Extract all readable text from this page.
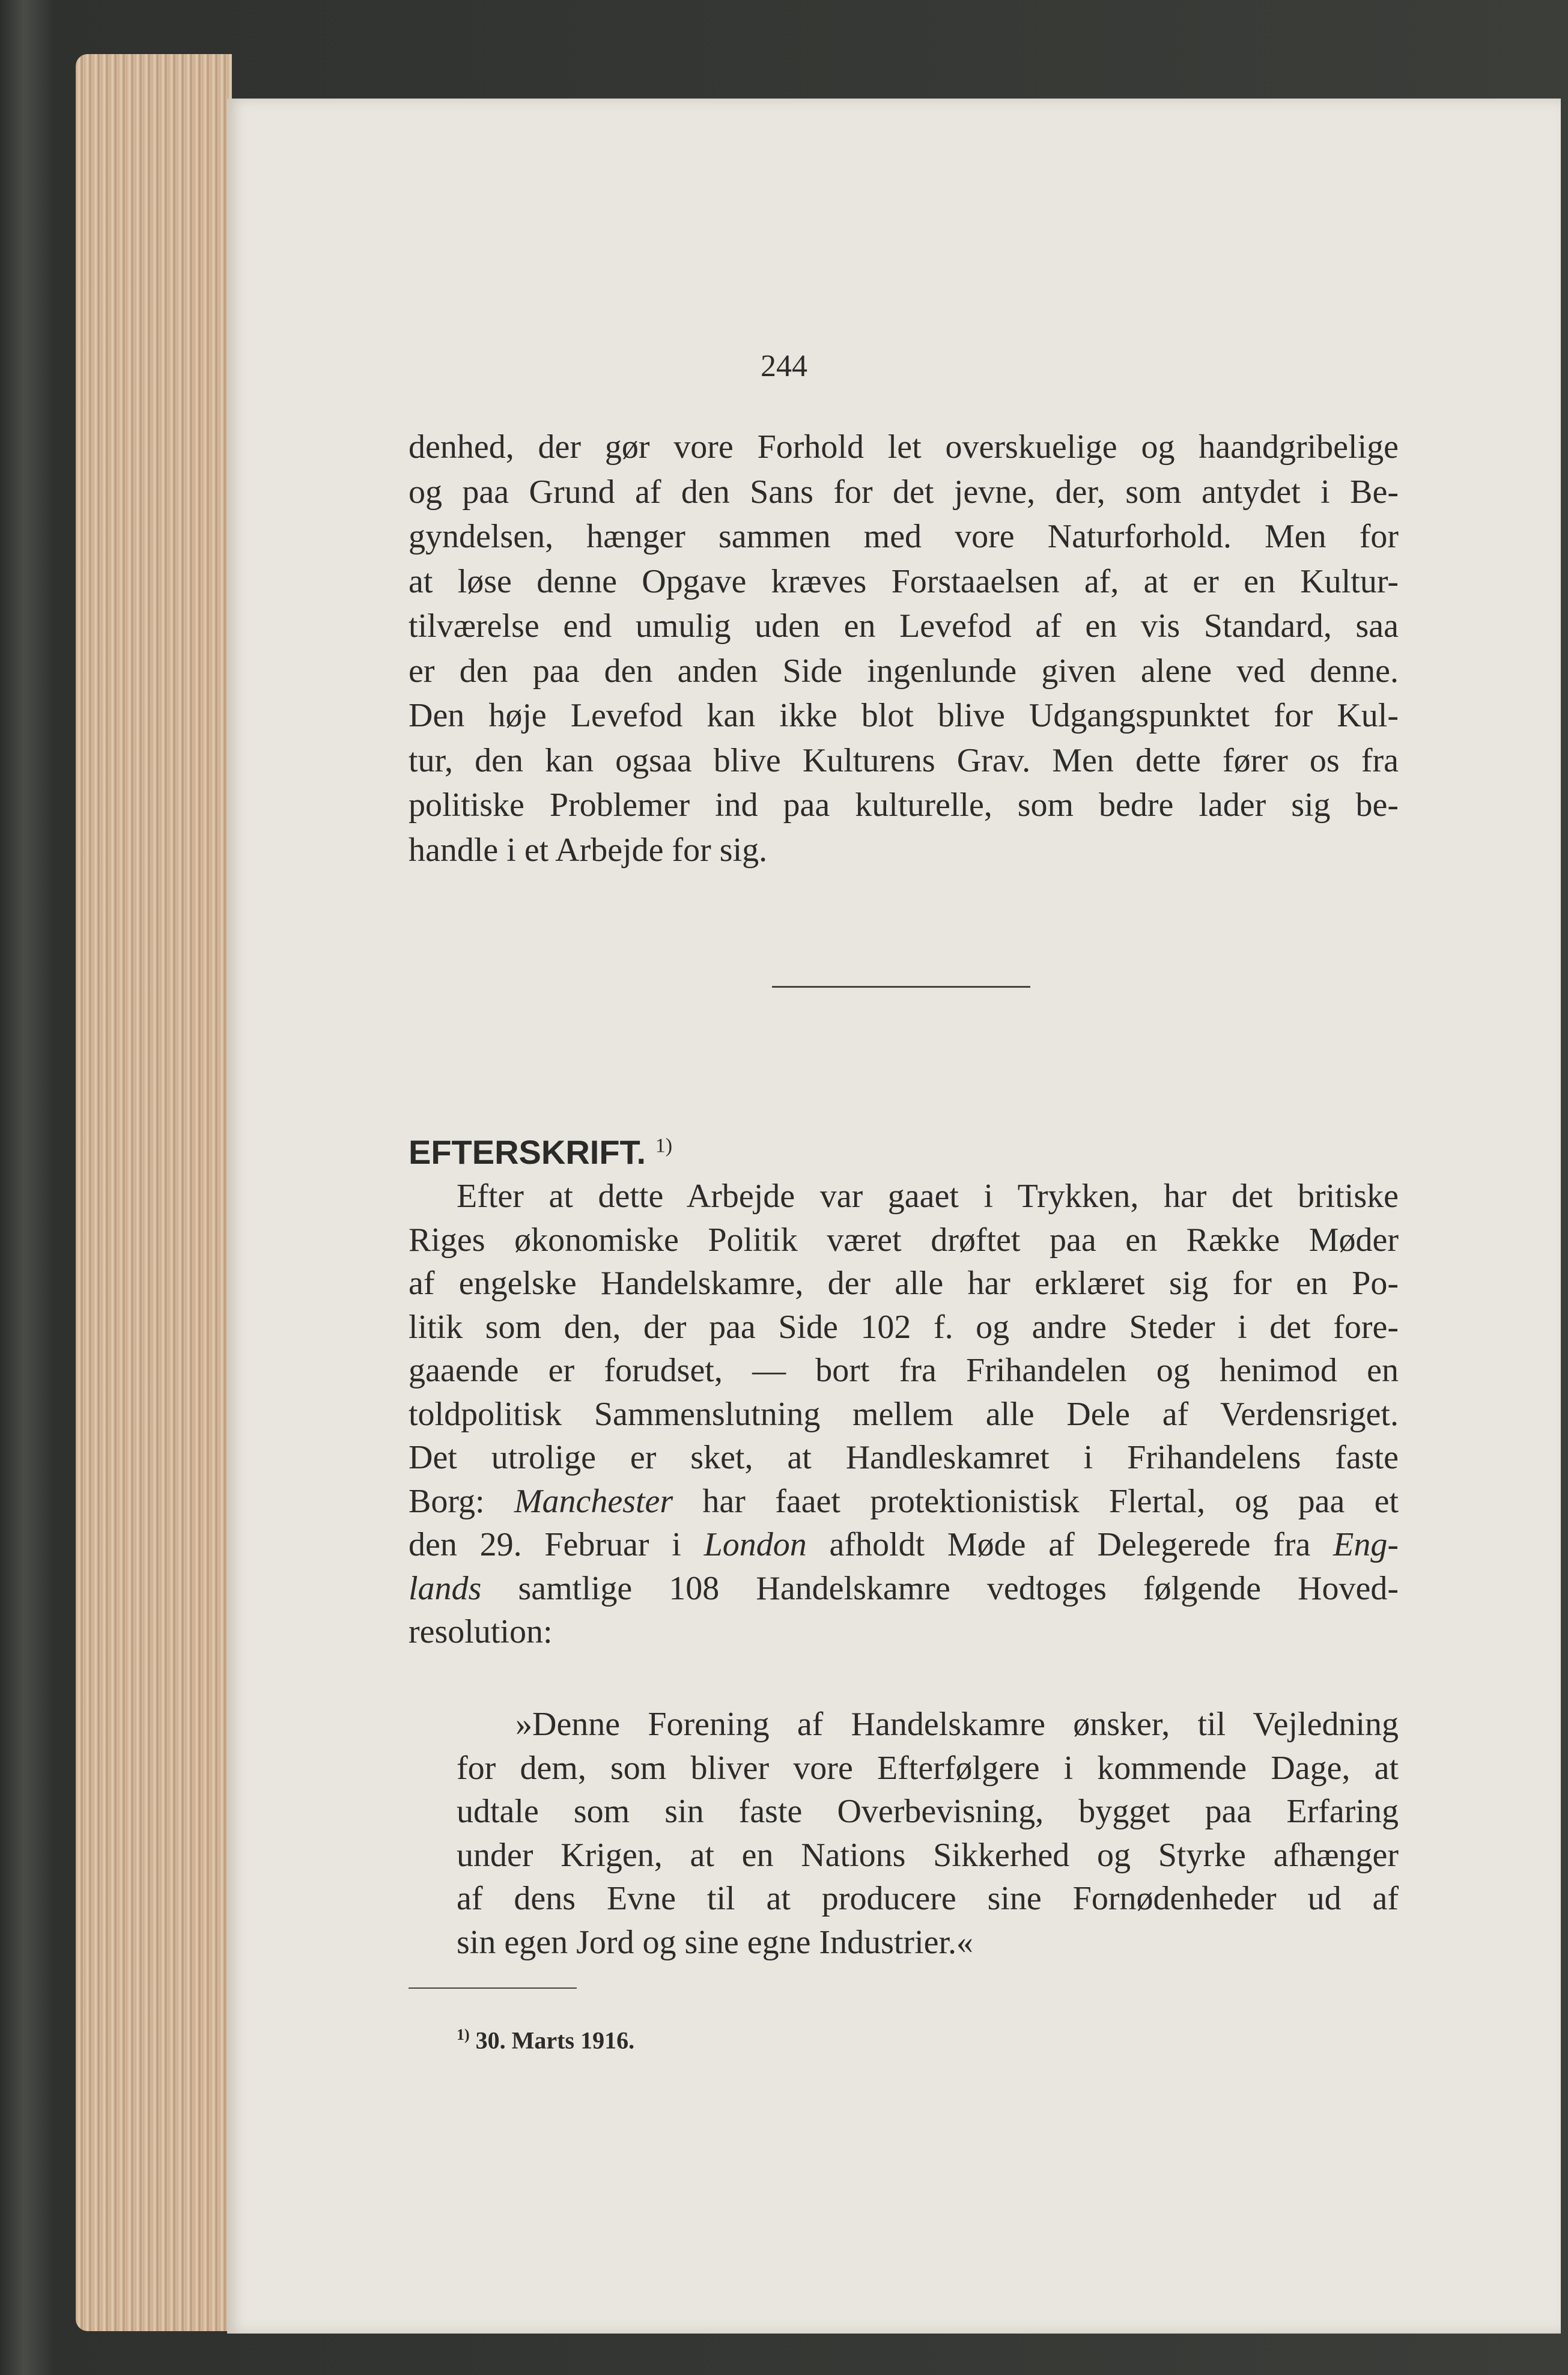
244
denhed, der gør vore Forhold let overskuelige og haandgribelige
og paa Grund af den Sans for det jevne, der, som antydet i Be-
gyndelsen, hænger sammen med vore Naturforhold. Men for
at løse denne Opgave kræves Forstaaelsen af, at er en Kultur-
tilværelse end umulig uden en Levefod af en vis Standard, saa
er den paa den anden Side ingenlunde given alene ved denne.
Den høje Levefod kan ikke blot blive Udgangspunktet for Kul-
tur, den kan ogsaa blive Kulturens Grav. Men dette fører os fra
politiske Problemer ind paa kulturelle, som bedre lader sig be-
handle i et Arbejde for sig.
EFTERSKRIFT. $^{1)}$
Efter at dette Arbejde var gaaet i Trykken, har det britiske
Riges økonomiske Politik været drøftet paa en Række Møder
af engelske Handelskamre, der alle har erklæret sig for en Po-
litik som den, der paa Side 102 f. og andre Steder i det fore-
gaaende er forudset, — bort fra Frihandelen og henimod en
toldpolitisk Sammenslutning mellem alle Dele af Verdensriget.
Det utrolige er sket, at Handleskamret i Frihandelens faste
Borg: Manchester har faaet protektionistisk Flertal, og paa et
den 29. Februar i London afholdt Møde af Delegerede fra Eng-
lands samtlige 108 Handelskamre vedtoges følgende Hoved-
resolution:
»Denne Forening af Handelskamre ønsker, til Vejledning
for dem, som bliver vore Efterfølgere i kommende Dage, at
udtale som sin faste Overbevisning, bygget paa Erfaring
under Krigen, at en Nations Sikkerhed og Styrke afhænger
af dens Evne til at producere sine Fornødenheder ud af
sin egen Jord og sine egne Industrier.«
$^{1)}$ 30. Marts 1916.
